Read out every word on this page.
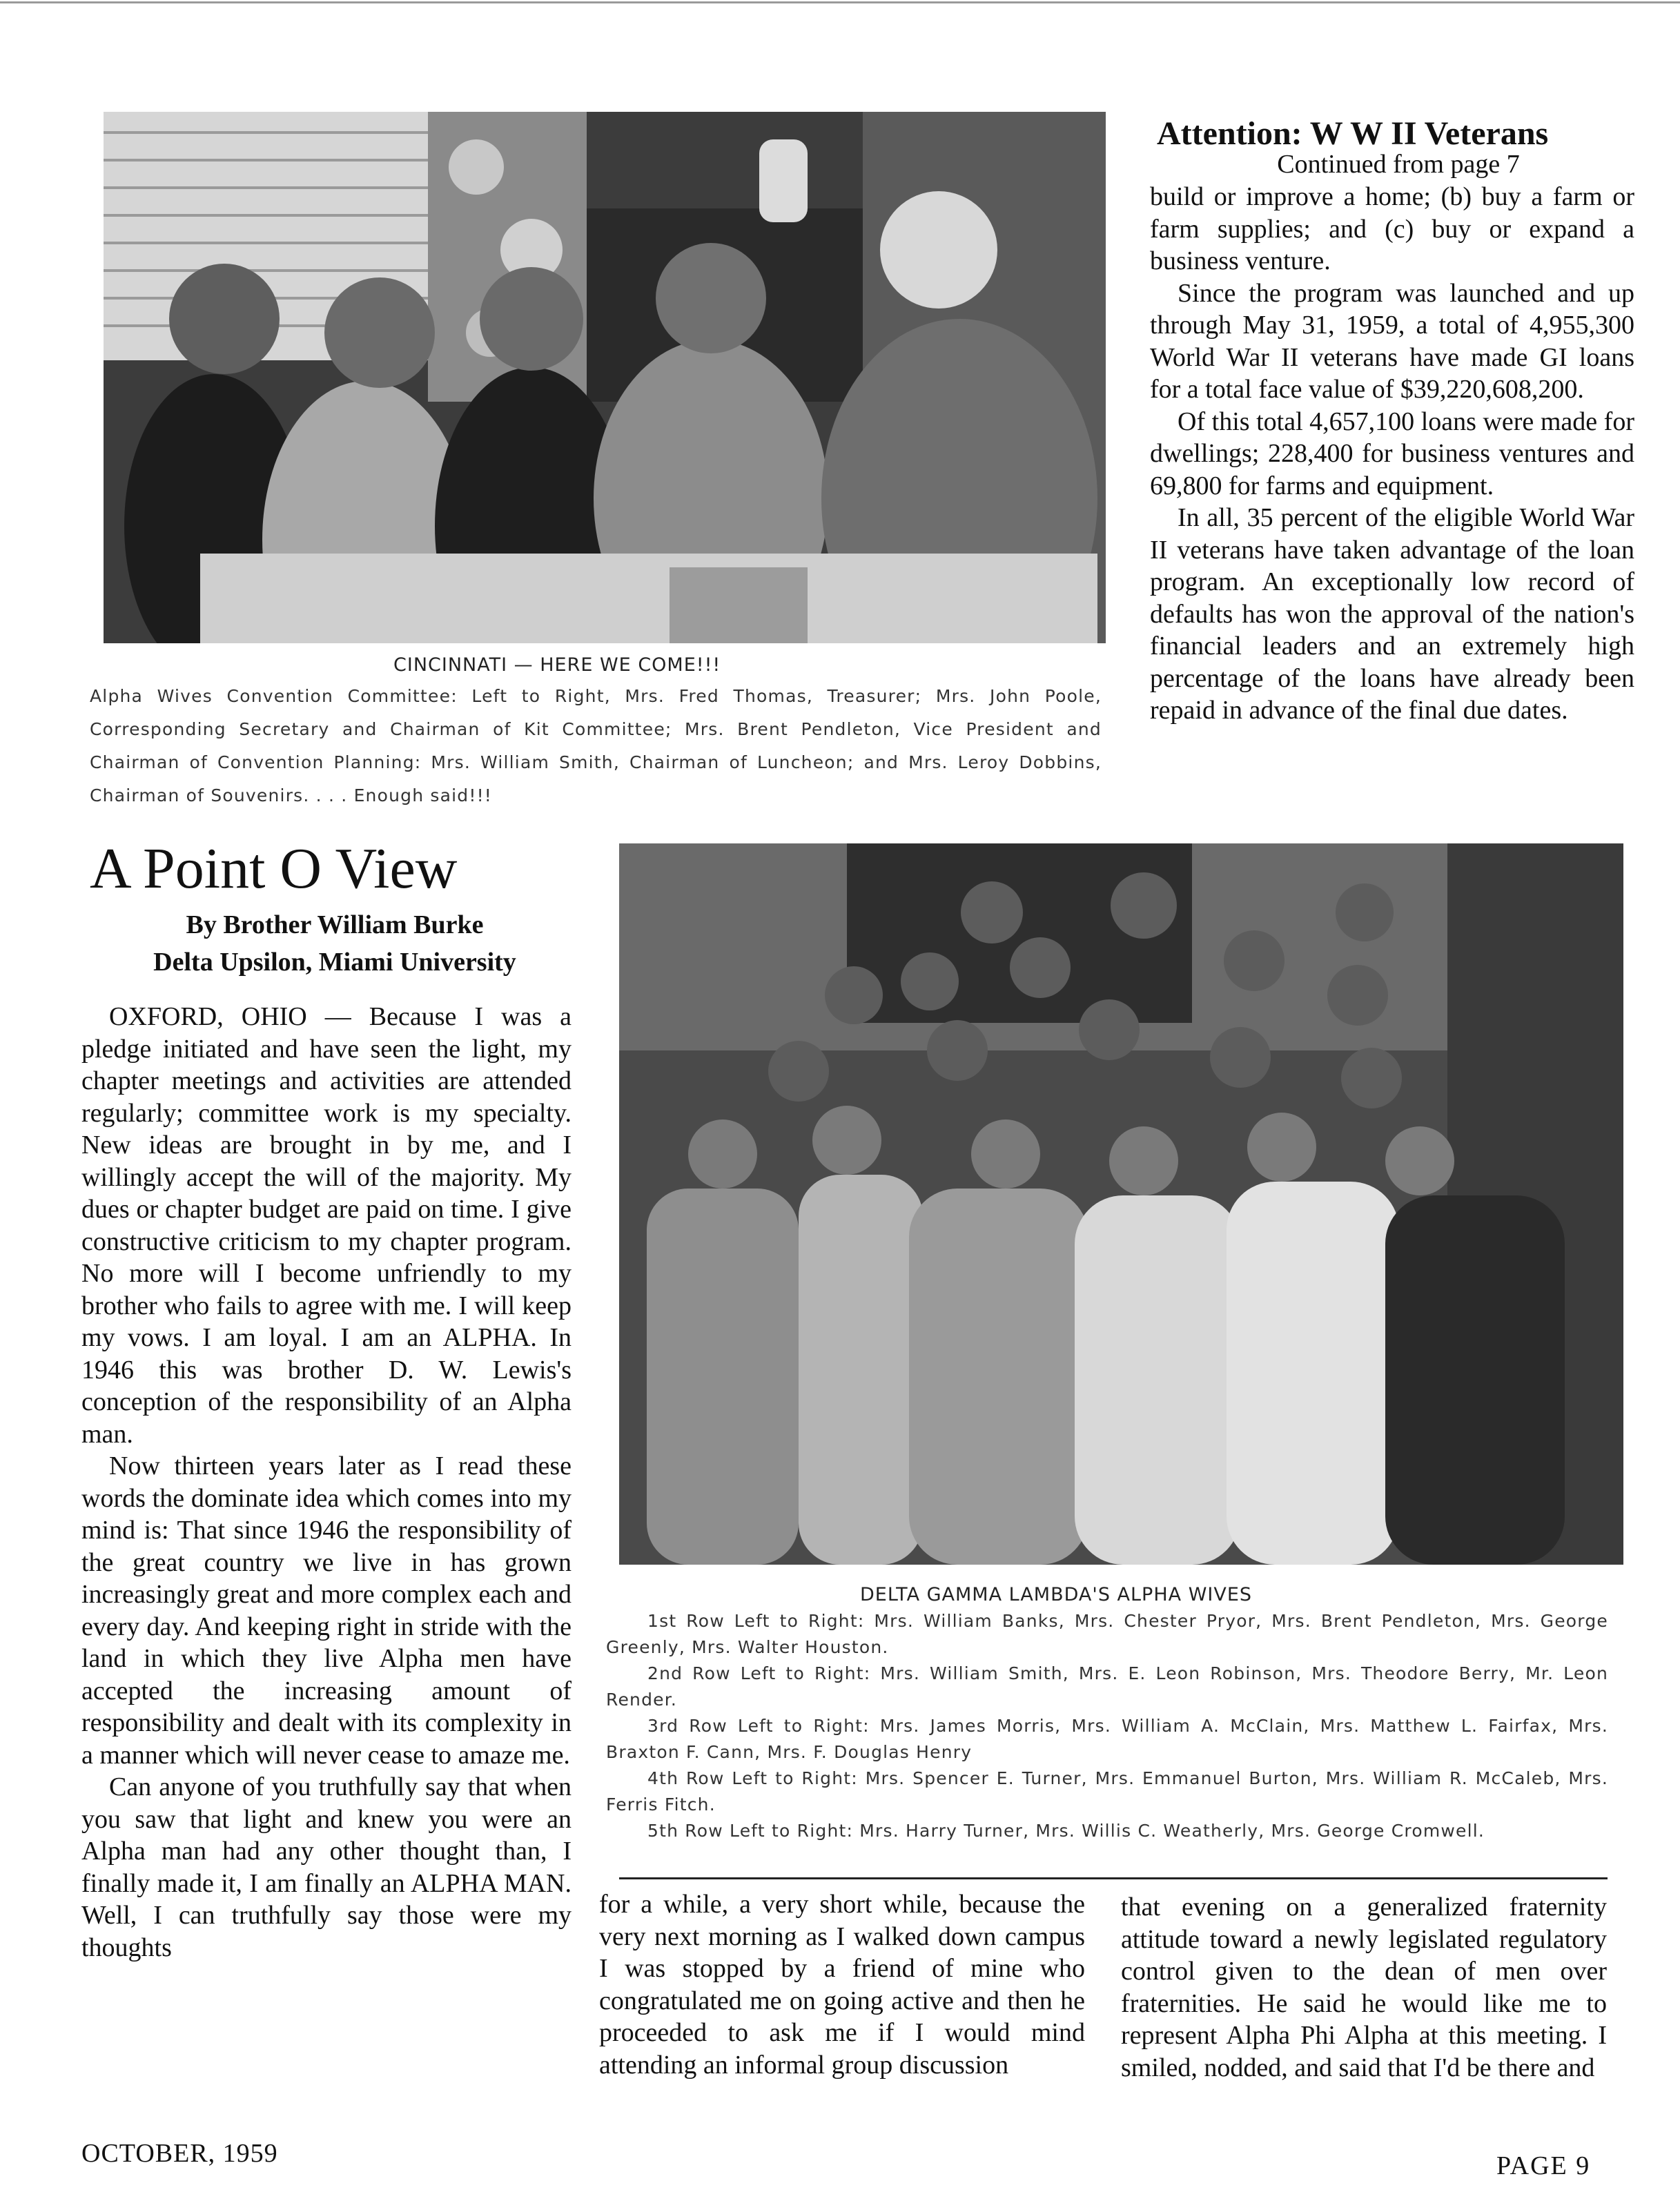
CINCINNATI — HERE WE COME!!!
Alpha Wives Convention Committee: Left to Right, Mrs. Fred Thomas, Treasurer; Mrs. John Poole, Corresponding Secretary and Chairman of Kit Committee; Mrs. Brent Pendleton, Vice President and Chairman of Convention Planning: Mrs. William Smith, Chairman of Luncheon; and Mrs. Leroy Dobbins, Chairman of Souvenirs. . . . Enough said!!!
Attention: W W II Veterans
Continued from page 7

build or improve a home; (b) buy a farm or farm supplies; and (c) buy or expand a business venture.

Since the program was launched and up through May 31, 1959, a total of 4,955,300 World War II veterans have made GI loans for a total face value of $39,220,608,200.

Of this total 4,657,100 loans were made for dwellings; 228,400 for business ventures and 69,800 for farms and equipment.

In all, 35 percent of the eligible World War II veterans have taken advantage of the loan program. An exceptionally low record of defaults has won the approval of the nation's financial leaders and an extremely high percentage of the loans have already been repaid in advance of the final due dates.

A Point O View
By Brother William Burke
Delta Upsilon, Miami University

OXFORD, OHIO — Because I was a pledge initiated and have seen the light, my chapter meetings and activities are attended regularly; committee work is my specialty. New ideas are brought in by me, and I willingly accept the will of the majority. My dues or chapter budget are paid on time. I give constructive criticism to my chapter program. No more will I become unfriendly to my brother who fails to agree with me. I will keep my vows. I am loyal. I am an ALPHA. In 1946 this was brother D. W. Lewis's conception of the responsibility of an Alpha man.

Now thirteen years later as I read these words the dominate idea which comes into my mind is: That since 1946 the responsibility of the great country we live in has grown increasingly great and more complex each and every day. And keeping right in stride with the land in which they live Alpha men have accepted the increasing amount of responsibility and dealt with its complexity in a manner which will never cease to amaze me.

Can anyone of you truthfully say that when you saw that light and knew you were an Alpha man had any other thought than, I finally made it, I am finally an ALPHA MAN. Well, I can truthfully say those were my thoughts

DELTA GAMMA LAMBDA'S ALPHA WIVES

1st Row Left to Right: Mrs. William Banks, Mrs. Chester Pryor, Mrs. Brent Pendleton, Mrs. George Greenly, Mrs. Walter Houston.

2nd Row Left to Right: Mrs. William Smith, Mrs. E. Leon Robinson, Mrs. Theodore Berry, Mr. Leon Render.

3rd Row Left to Right: Mrs. James Morris, Mrs. William A. McClain, Mrs. Matthew L. Fairfax, Mrs. Braxton F. Cann, Mrs. F. Douglas Henry

4th Row Left to Right: Mrs. Spencer E. Turner, Mrs. Emmanuel Burton, Mrs. William R. McCaleb, Mrs. Ferris Fitch.

5th Row Left to Right: Mrs. Harry Turner, Mrs. Willis C. Weatherly, Mrs. George Cromwell.

for a while, a very short while, because the very next morning as I walked down campus I was stopped by a friend of mine who congratulated me on going active and then he proceeded to ask me if I would mind attending an informal group discussion

that evening on a generalized fraternity attitude toward a newly legislated regulatory control given to the dean of men over fraternities. He said he would like me to represent Alpha Phi Alpha at this meeting. I smiled, nodded, and said that I'd be there and

OCTOBER, 1959	PAGE 9
